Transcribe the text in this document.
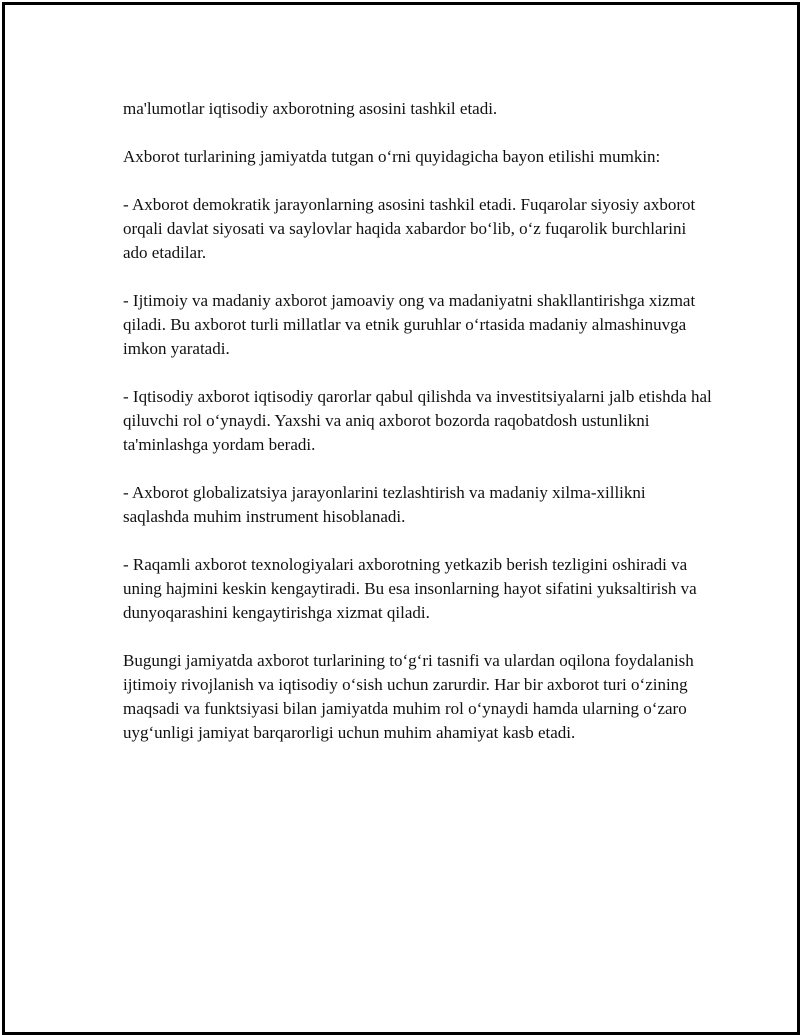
ma'lumotlar iqtisodiy axborotning asosini tashkil etadi.

Axborot turlarining jamiyatda tutgan o‘rni quyidagicha bayon etilishi mumkin:

- Axborot demokratik jarayonlarning asosini tashkil etadi. Fuqarolar siyosiy axborot orqali davlat siyosati va saylovlar haqida xabardor bo‘lib, o‘z fuqarolik burchlarini ado etadilar.

- Ijtimoiy va madaniy axborot jamoaviy ong va madaniyatni shakllantirishga xizmat qiladi. Bu axborot turli millatlar va etnik guruhlar o‘rtasida madaniy almashinuvga imkon yaratadi.

- Iqtisodiy axborot iqtisodiy qarorlar qabul qilishda va investitsiyalarni jalb etishda hal qiluvchi rol o‘ynaydi. Yaxshi va aniq axborot bozorda raqobatdosh ustunlikni ta'minlashga yordam beradi.

- Axborot globalizatsiya jarayonlarini tezlashtirish va madaniy xilma-xillikni saqlashda muhim instrument hisoblanadi.

- Raqamli axborot texnologiyalari axborotning yetkazib berish tezligini oshiradi va uning hajmini keskin kengaytiradi. Bu esa insonlarning hayot sifatini yuksaltirish va dunyoqarashini kengaytirishga xizmat qiladi.

Bugungi jamiyatda axborot turlarining to‘g‘ri tasnifi va ulardan oqilona foydalanish ijtimoiy rivojlanish va iqtisodiy o‘sish uchun zarurdir. Har bir axborot turi o‘zining maqsadi va funktsiyasi bilan jamiyatda muhim rol o‘ynaydi hamda ularning o‘zaro uyg‘unligi jamiyat barqarorligi uchun muhim ahamiyat kasb etadi.
